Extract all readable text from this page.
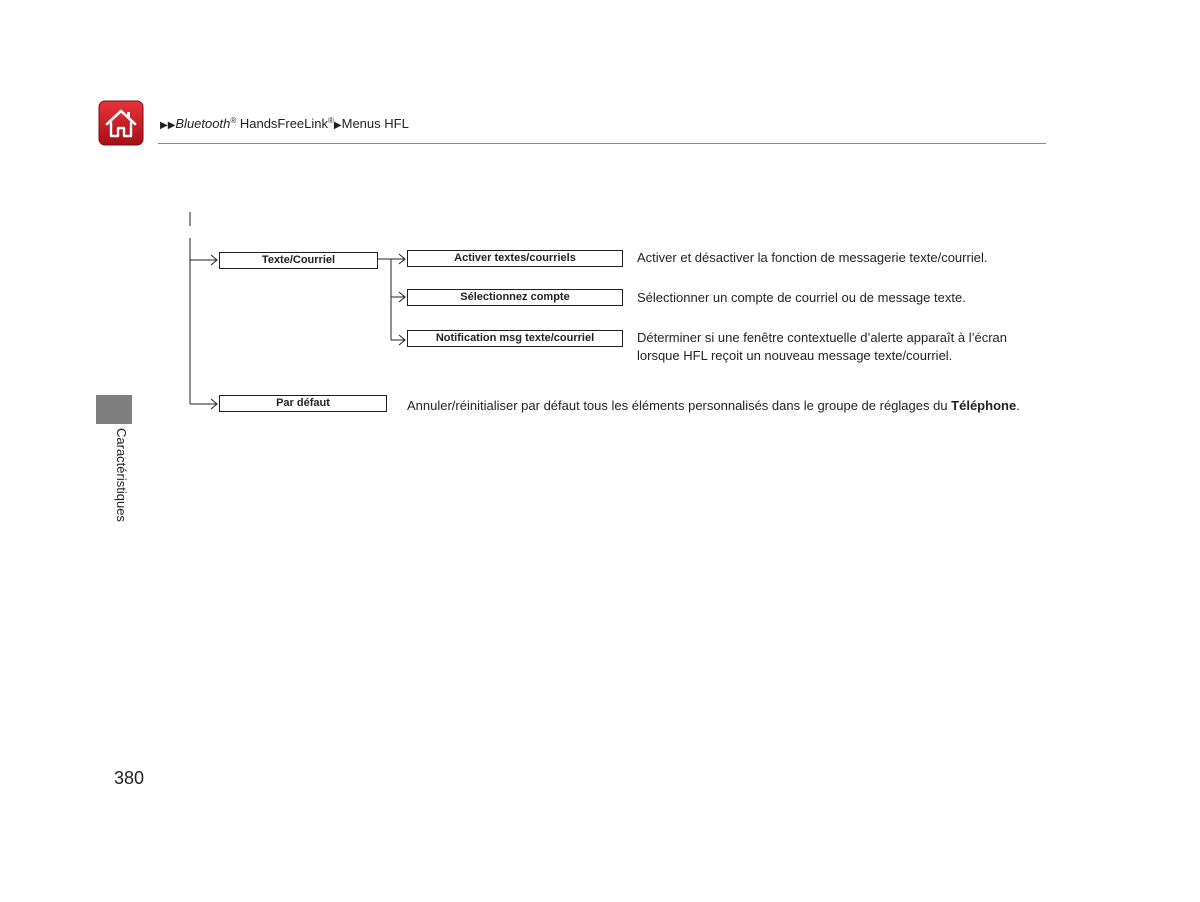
▶▶Bluetooth® HandsFreeLink®▶Menus HFL
Caractéristiques
Texte/Courriel	Activer textes/courriels
Sélectionnez compte
Notification msg texte/courriel
Par défaut
Activer et désactiver la fonction de messagerie texte/courriel.
Sélectionner un compte de courriel ou de message texte.
Déterminer si une fenêtre contextuelle d’alerte apparaît à l’écran
lorsque HFL reçoit un nouveau message texte/courriel.
Annuler/réinitialiser par défaut tous les éléments personnalisés dans le groupe de réglages du Téléphone.
380
